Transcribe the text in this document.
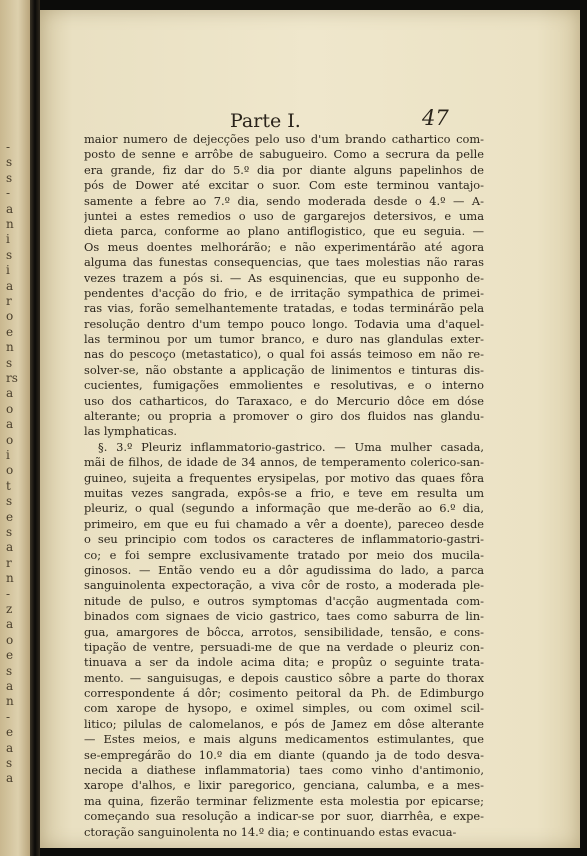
-
s
s
-
a
n
i
s
i
a
r
o
e
n
s
rs
a
o
a
o
i
o
t
s
e
s
a
r
n
-
z
a
o
e
s
a
n
-
e
a
s
a
Parte I.	47
maior numero de dejecções pelo uso d'um brando cathartico com-
posto de senne e arrôbe de sabugueiro. Como a secrura da pelle
era grande, fiz dar do 5.º dia por diante alguns papelinhos de
pós de Dower até excitar o suor. Com este terminou vantajo-
samente a febre ao 7.º dia, sendo moderada desde o 4.º — A-
juntei a estes remedios o uso de gargarejos detersivos, e uma
dieta parca, conforme ao plano antiflogistico, que eu seguia. —
Os meus doentes melhorárão; e não experimentárão até agora
alguma das funestas consequencias, que taes molestias não raras
vezes trazem a pós si. — As esquinencias, que eu supponho de-
pendentes d'acção do frio, e de irritação sympathica de primei-
ras vias, forão semelhantemente tratadas, e todas terminárão pela
resolução dentro d'um tempo pouco longo. Todavia uma d'aquel-
las terminou por um tumor branco, e duro nas glandulas exter-
nas do pescoço (metastatico), o qual foi assás teimoso em não re-
solver-se, não obstante a applicação de linimentos e tinturas dis-
cucientes, fumigações emmolientes e resolutivas, e o interno
uso dos catharticos, do Taraxaco, e do Mercurio dôce em dóse
alterante; ou propria a promover o giro dos fluidos nas glandu-
las lymphaticas.
§. 3.º Pleuriz inflammatorio-gastrico. — Uma mulher casada,
mãi de filhos, de idade de 34 annos, de temperamento colerico-san-
guineo, sujeita a frequentes erysipelas, por motivo das quaes fôra
muitas vezes sangrada, expôs-se a frio, e teve em resulta um
pleuriz, o qual (segundo a informação que me-derão ao 6.º dia,
primeiro, em que eu fui chamado a vêr a doente), pareceo desde
o seu principio com todos os caracteres de inflammatorio-gastri-
co; e foi sempre exclusivamente tratado por meio dos mucila-
ginosos. — Então vendo eu a dôr agudissima do lado, a parca
sanguinolenta expectoração, a viva côr de rosto, a moderada ple-
nitude de pulso, e outros symptomas d'acção augmentada com-
binados com signaes de vicio gastrico, taes como saburra de lin-
gua, amargores de bôcca, arrotos, sensibilidade, tensão, e cons-
tipação de ventre, persuadi-me de que na verdade o pleuriz con-
tinuava a ser da indole acima dita; e propûz o seguinte trata-
mento. — sanguisugas, e depois caustico sôbre a parte do thorax
correspondente á dôr; cosimento peitoral da Ph. de Edimburgo
com xarope de hysopo, e oximel simples, ou com oximel scil-
litico; pilulas de calomelanos, e pós de Jamez em dôse alterante
— Estes meios, e mais alguns medicamentos estimulantes, que
se-empregárão do 10.º dia em diante (quando ja de todo desva-
necida a diathese inflammatoria) taes como vinho d'antimonio,
xarope d'alhos, e lixir paregorico, genciana, calumba, e a mes-
ma quina, fizerão terminar felizmente esta molestia por epicarse;
começando sua resolução a indicar-se por suor, diarrhêa, e expe-
ctoração sanguinolenta no 14.º dia; e continuando estas evacua-
